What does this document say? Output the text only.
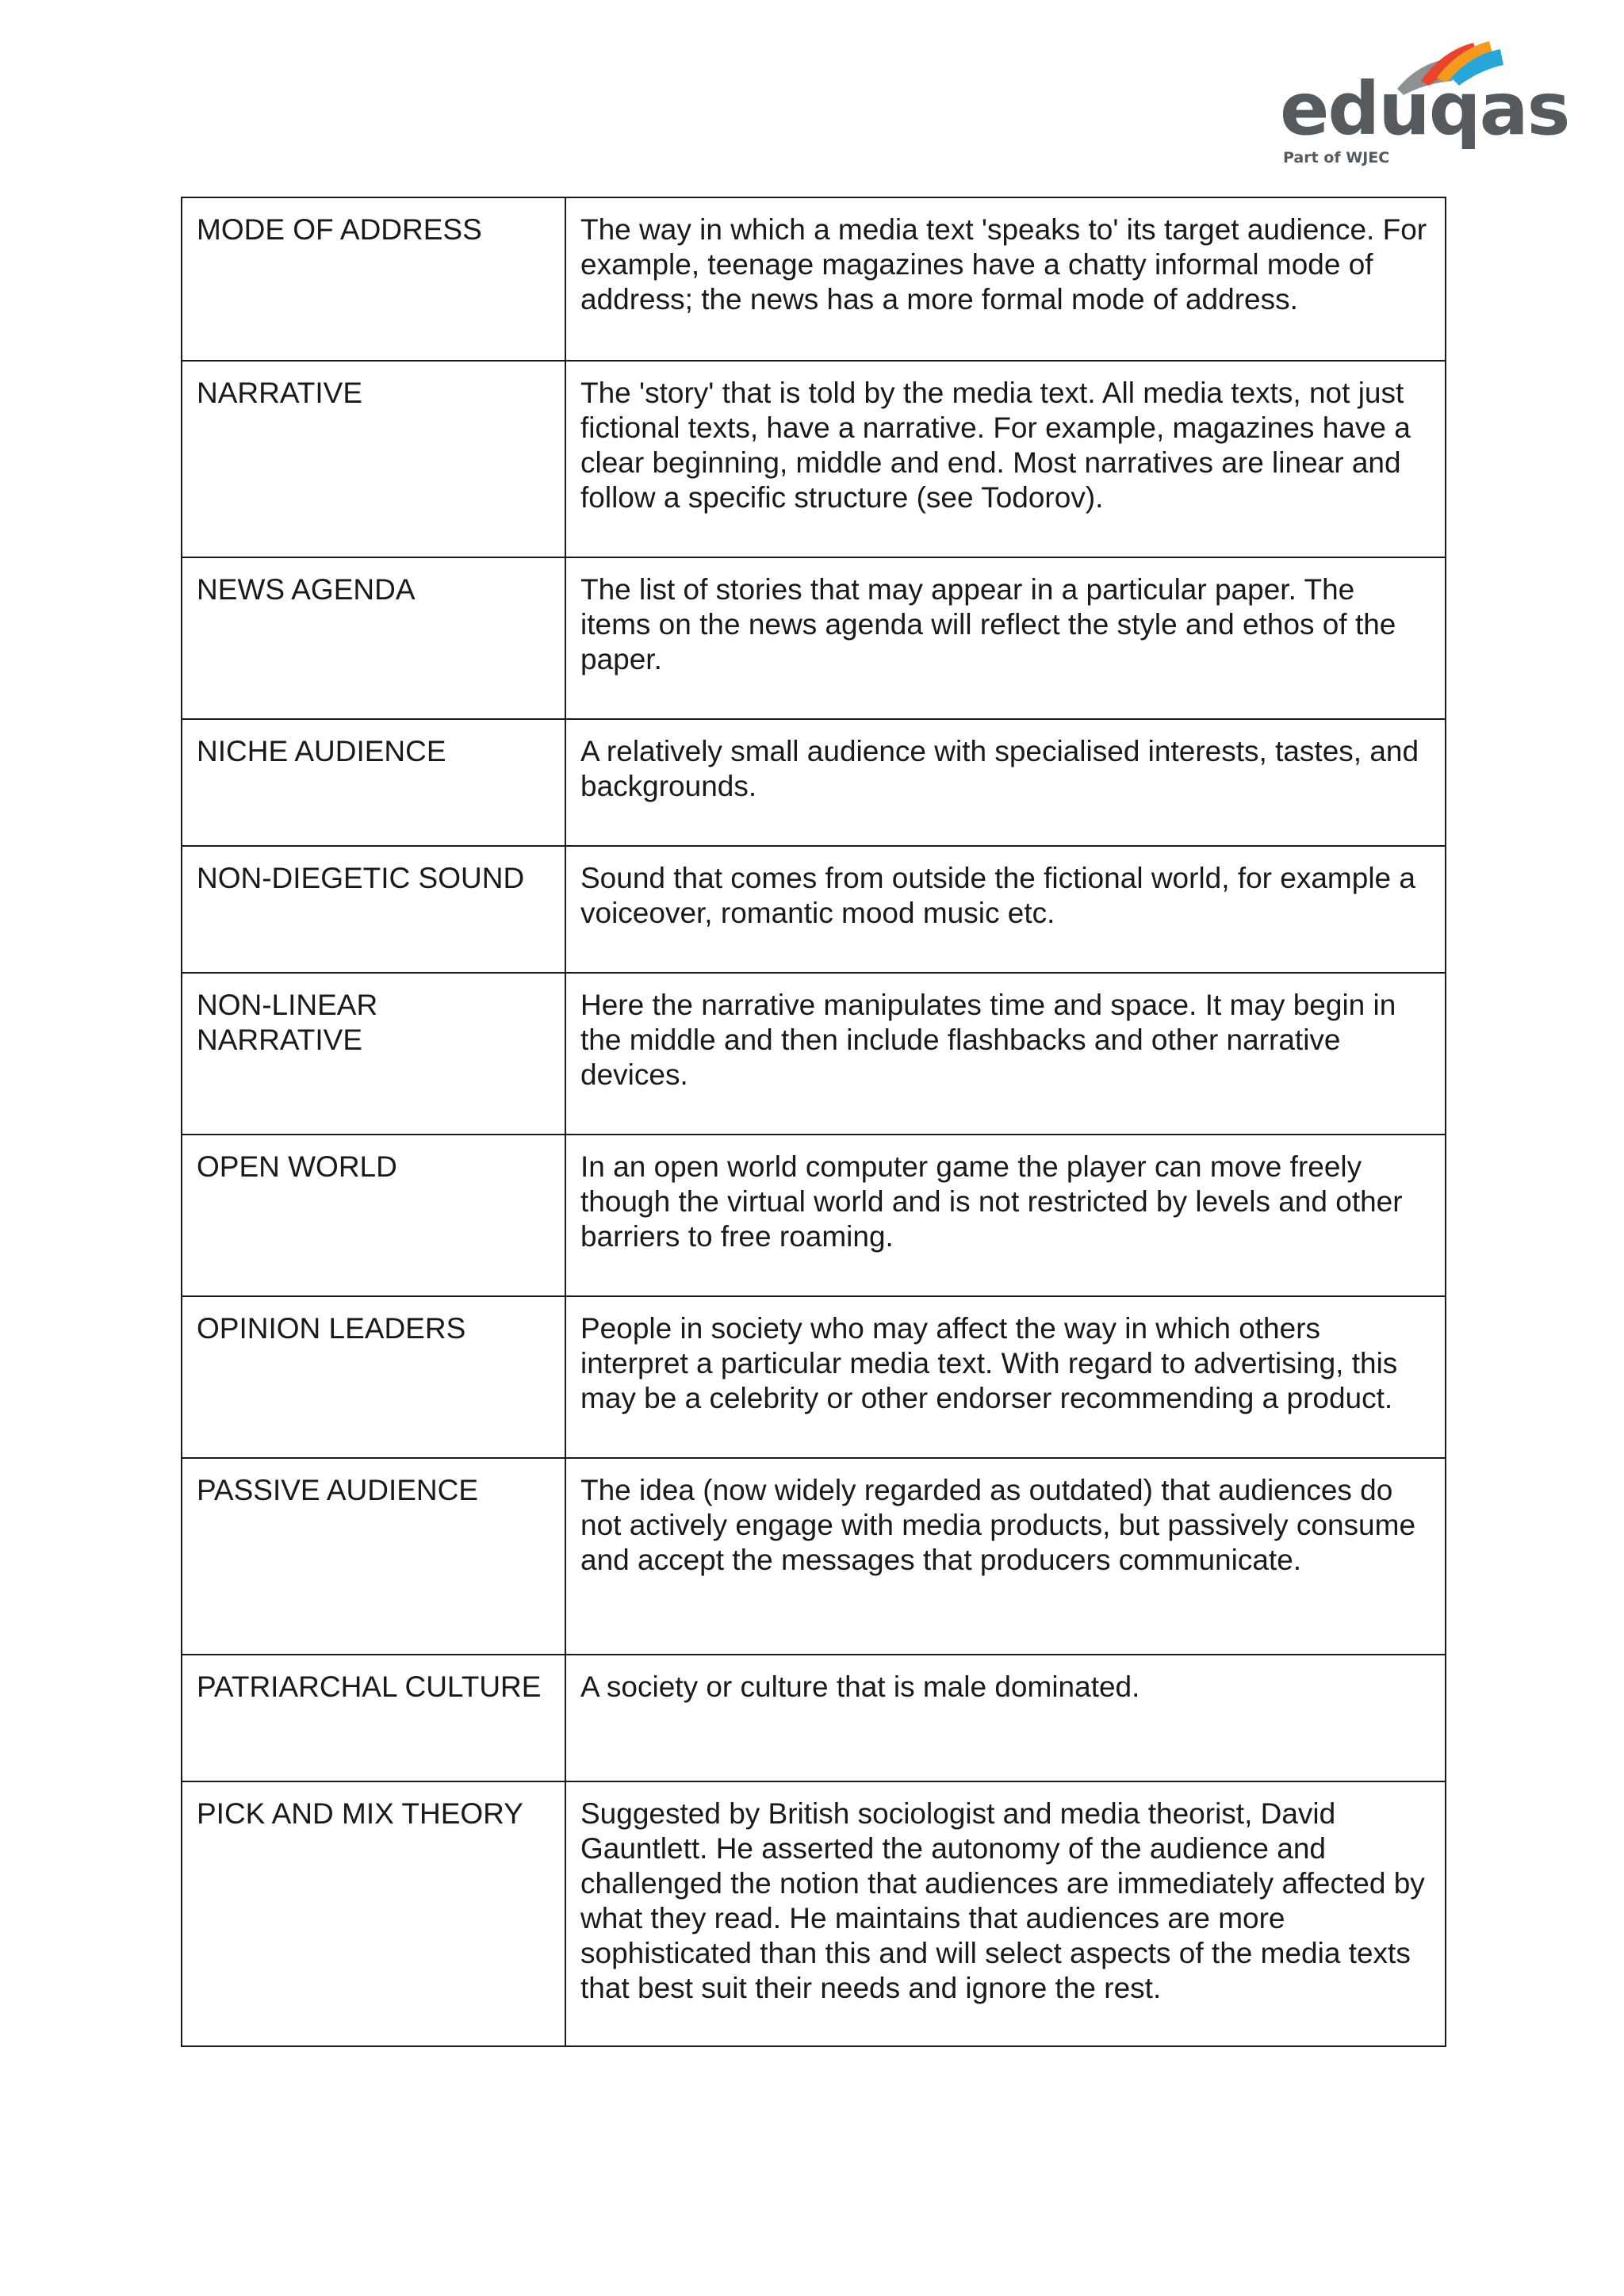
eduqas
Part of WJEC
MODE OF ADDRESS	The way in which a media text 'speaks to' its target audience. For example, teenage magazines have a chatty informal mode of address; the news has a more formal mode of address.
NARRATIVE	The 'story' that is told by the media text. All media texts, not just fictional texts, have a narrative. For example, magazines have a clear beginning, middle and end. Most narratives are linear and follow a specific structure (see Todorov).
NEWS AGENDA	The list of stories that may appear in a particular paper. The items on the news agenda will reflect the style and ethos of the paper.
NICHE AUDIENCE	A relatively small audience with specialised interests, tastes, and backgrounds.
NON-DIEGETIC SOUND	Sound that comes from outside the fictional world, for example a voiceover, romantic mood music etc.
NON-LINEAR NARRATIVE	Here the narrative manipulates time and space. It may begin in the middle and then include flashbacks and other narrative devices.
OPEN WORLD	In an open world computer game the player can move freely though the virtual world and is not restricted by levels and other barriers to free roaming.
OPINION LEADERS	People in society who may affect the way in which others interpret a particular media text. With regard to advertising, this may be a celebrity or other endorser recommending a product.
PASSIVE AUDIENCE	The idea (now widely regarded as outdated) that audiences do not actively engage with media products, but passively consume and accept the messages that producers communicate.
PATRIARCHAL CULTURE	A society or culture that is male dominated.
PICK AND MIX THEORY	Suggested by British sociologist and media theorist, David Gauntlett. He asserted the autonomy of the audience and challenged the notion that audiences are immediately affected by what they read. He maintains that audiences are more sophisticated than this and will select aspects of the media texts that best suit their needs and ignore the rest.
